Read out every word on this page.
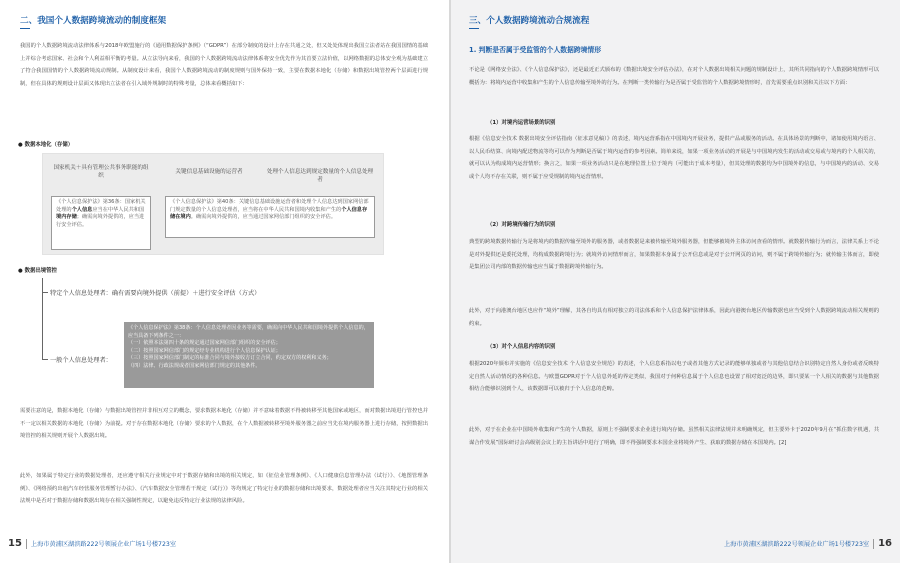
二、我国个人数据跨境流动的制度框架

我国的个人数据跨境流动法律体系与2018年欧盟施行的《通用数据保护条例》（“GDPR”）在部分制度的设计上存在共通之处，但又处处体现出我国立法者站在我国国情的基础上并综合考虑国家、社会和个人利益相平衡的考量。从立法导向来看，我国的个人数据跨境流动法律体系将安全优先作为其首要立法价值，以网络数据的总体安全观为基础建立了符合我国国情的个人数据跨境流动规制。从制度设计来看，我国个人数据跨境流动的制度规则与国外保持一致，主要在数据本地化（存储）和数据出境管控两个层面进行规制，但在具体的规则设计层面又体现出立法者在引入域外规制时的特殊考量，总体来看概括如下：

● 数据本地化（存储）
国家机关＋具有管理公共事务职能的组织
关键信息基础设施的运营者	处理个人信息达到规定数量的个人信息处理者
《个人信息保护法》第36条：国家机关处理的个人信息应当在中华人民共和国境内存储；确需向境外提供的，应当进行安全评估。
《个人信息保护法》第40条：关键信息基础设施运营者和处理个人信息达到国家网信部门规定数量的个人信息处理者，应当将在中华人民共和国境内收集和产生的个人信息存储在境内。确需向境外提供的，应当通过国家网信部门组织的安全评估。
● 数据出境管控
特定个人信息处理者：确有需要向境外提供（前提）＋进行安全评估（方式）
一般个人信息处理者：
《个人信息保护法》第38条：个人信息处理者因业务等需要，确需向中华人民共和国境外提供个人信息的，应当具备下列条件之一：
（一）依照本法第四十条的规定通过国家网信部门组织的安全评估；
（二）按照国家网信部门的规定经专业机构进行个人信息保护认证；
（三）按照国家网信部门制定的标准合同与境外接收方订立合同，约定双方的权利和义务；
（四）法律、行政法规或者国家网信部门规定的其他条件。

需要注意的是，数据本地化（存储）与数据出境管控并非相互对立的概念，要求数据本地化（存储）并不意味着数据不得被转移至其他国家或地区，而对数据出境进行管控也并不一定以相关数据的本地化（存储）为前提。对于存在数据本地化（存储）要求的个人数据，在个人数据被转移至境外服务器之前应当先在境内服务器上进行存储，按照数据出境管控的相关规则开展个人数据出境。

此外，如果属于特定行业的数据处理者，还应遵守相关行业规定中对于数据存储和出境的相关规定，如《征信业管理条例》、《人口健康信息管理办法（试行）》、《地图管理条例》、《网络预约出租汽车经营服务管理暂行办法》、《汽车数据安全管理若干规定（试行）》等均规定了特定行业的数据存储和出境要求，数据处理者应当关注其特定行业的相关法规中是否对于数据存储和数据出境存在相关强制性规定，以避免违反特定行业法规的法律风险。

15 上海市黄浦区湖滨路222号领展企业广场1号楼723室
三、个人数据跨境流动合规流程
1. 判断是否属于受监管的个人数据跨境情形

不论是《网络安全法》、《个人信息保护法》，还是最近正式颁布的《数据出境安全评估办法》，在对个人数据出境相关问题的规制设计上，其所共同指向的个人数据跨境情形可以概括为：将境内运营中收集和产生的个人信息传输至境外的行为。在判断一类传输行为是否属于受监管的个人数据跨境情形时，首先需要重点识别和关注以下方面：

（1）对境内运营场景的识别

根据《信息安全技术 数据出境安全评估指南（征求意见稿）》的表述，境内运营系指在中国境内开展业务，提供产品或服务的活动。在具体场景的判断中，诸如使用境内语言、以人民币结算、向境内配送物流等均可以作为判断是否属于境内运营的参考因素。简单来说，如果一项业务活动的开展是与中国境内发生的活动或交易或与境内的个人相关的，就可以认为构成境内运营情形；换言之，如果一项业务活动只是在地理位置上位于境内（可能出于成本考量），但其处理的数据均为中国境外的信息，与中国境内的活动、交易或个人均不存在关联，则不属于应受规制的境内运营情形。

（2）对跨境传输行为的识别

典型的跨境数据传输行为是将境内的数据传输至境外的服务器，或者数据是来被传输至境外服务器，但能够被境外主体访问查看的情形。就数据传输行为而言，法律关系上不论是对外提供还是委托处理，均构成数据跨境行为；就境外访问情形而言，如果数据本身属于公开信息或是对于公开网页的访问，则不属于跨境传输行为；就传输主体而言，即使是集团公司内部的数据传输也应当属于数据跨境传输行为。

此外，对于向港澳台地区也应作“境外”理解，其各自均具有相对独立的司法体系和个人信息保护法律体系，因此向港澳台地区传输数据也应当受到个人数据跨境流动相关规则的约束。

（3）对个人信息内容的识别

根据2020年颁布并实施的《信息安全技术 个人信息安全规范》的表述，个人信息系指以电子或者其他方式记录的能够单独或者与其他信息结合识别特定自然人身份或者反映特定自然人活动情况的各种信息。与欧盟GDPR对于个人信息外延的界定类似，我国对于何种信息属于个人信息也设置了相对宽泛的边界，即只要某一个人相关的数据与其他数据相结合能够识别到个人，该数据即可以被归于个人信息的范畴。

此外，对于在企业在中国境外收集和产生的个人数据，原则上不强制要求企业进行境内存储。虽然相关法律法规并未明确规定，但主要外卡于2020年9月在“抓住数字机遇，共谋合作发展”国际研讨会高级别会议上的主旨讲话中进行了明确，即不得强制要求本国企业将境外产生、获取的数据存储在本国境内。[2]

上海市黄浦区湖滨路222号领展企业广场1号楼723室 16
